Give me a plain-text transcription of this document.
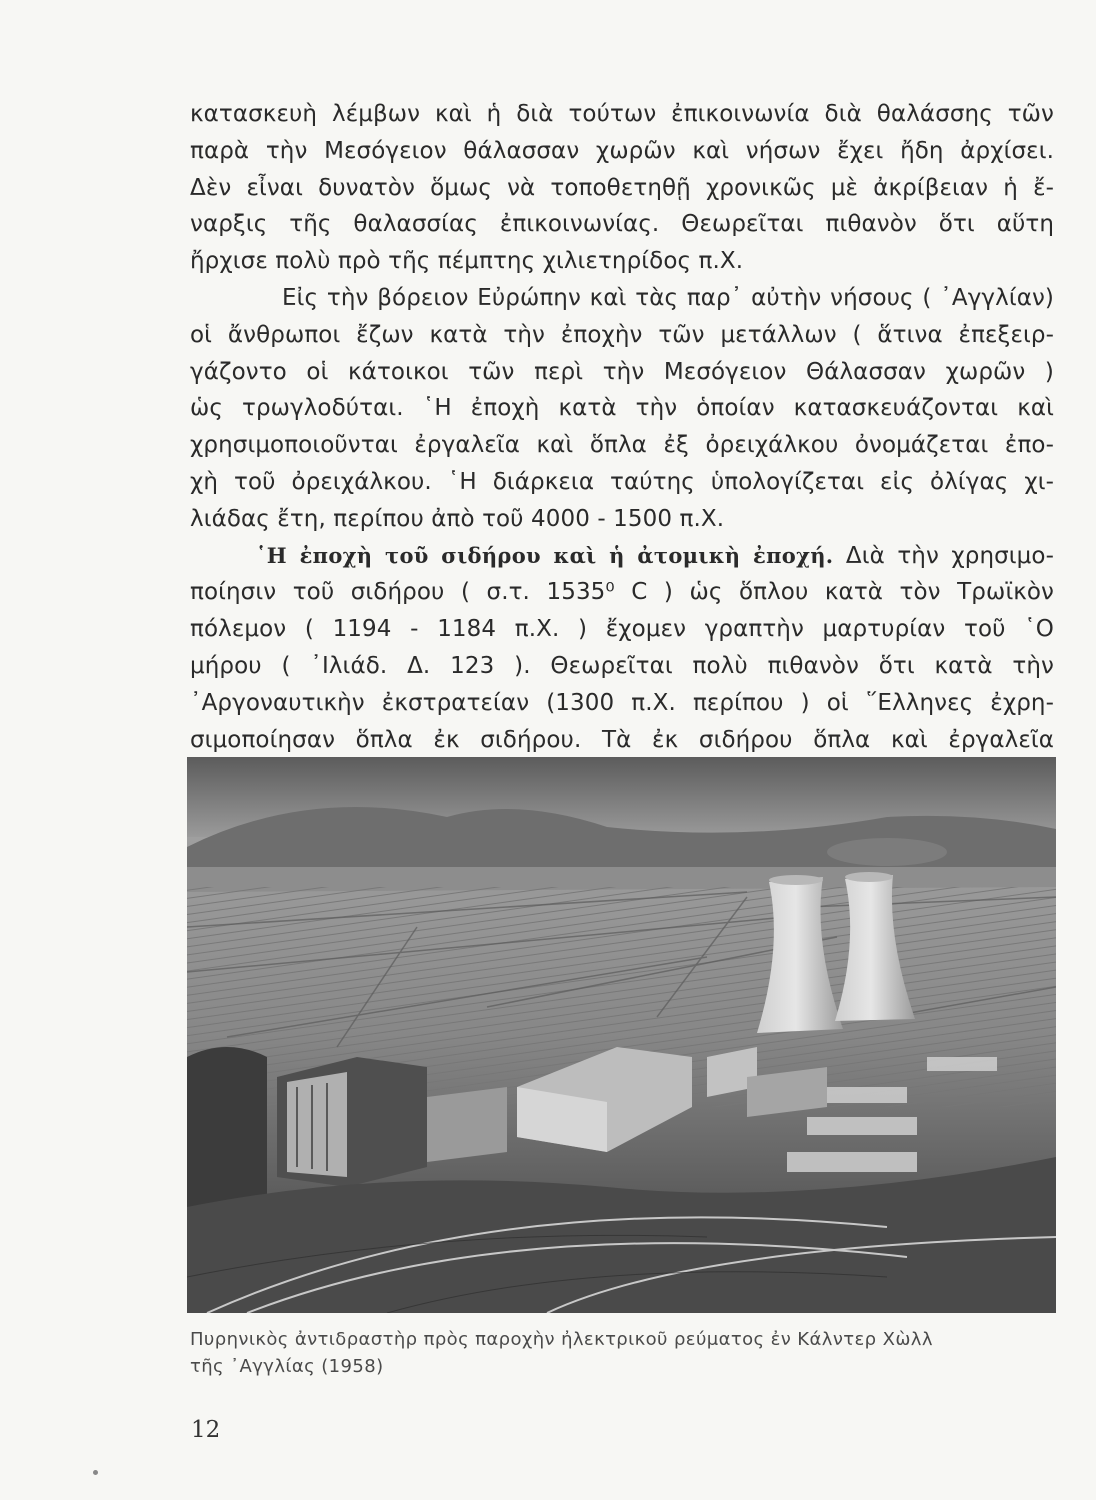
κατασκευὴ λέμβων καὶ ἡ διὰ τούτων ἐπικοινωνία διὰ θαλάσσης τῶν
παρὰ τὴν Μεσόγειον θάλασσαν χωρῶν καὶ νήσων ἔχει ἤδη ἀρχίσει.
Δὲν εἶναι δυνατὸν ὅμως νὰ τοποθετηθῇ χρονικῶς μὲ ἀκρίβειαν ἡ ἔ-
ναρξις τῆς θαλασσίας ἐπικοινωνίας. Θεωρεῖται πιθανὸν ὅτι αὕτη
ἤρχισε πολὺ πρὸ τῆς πέμπτης χιλιετηρίδος π.Χ.
Εἰς τὴν βόρειον Εὐρώπην καὶ τὰς παρ᾽ αὐτὴν νήσους ( ᾽Αγγλίαν)
οἱ ἄνθρωποι ἔζων κατὰ τὴν ἐποχὴν τῶν μετάλλων ( ἅτινα ἐπεξειρ-
γάζοντο οἱ κάτοικοι τῶν περὶ τὴν Μεσόγειον Θάλασσαν χωρῶν )
ὡς τρωγλοδύται. ῾Η ἐποχὴ κατὰ τὴν ὁποίαν κατασκευάζονται καὶ
χρησιμοποιοῦνται ἐργαλεῖα καὶ ὅπλα ἐξ ὀρειχάλκου ὀνομάζεται ἐπο-
χὴ τοῦ ὀρειχάλκου. ῾Η διάρκεια ταύτης ὑπολογίζεται εἰς ὀλίγας χι-
λιάδας ἔτη, περίπου ἀπὸ τοῦ 4000 - 1500 π.Χ.
῾Η ἐποχὴ τοῦ σιδήρου καὶ ἡ ἀτομικὴ ἐποχή. Διὰ τὴν χρησιμο-
ποίησιν τοῦ σιδήρου ( σ.τ. 1535⁰ C ) ὡς ὅπλου κατὰ τὸν Τρωϊκὸν
πόλεμον ( 1194 - 1184 π.Χ. ) ἔχομεν γραπτὴν μαρτυρίαν τοῦ ῾Ο
μήρου ( ᾽Ιλιάδ. Δ. 123 ). Θεωρεῖται πολὺ πιθανὸν ὅτι κατὰ τὴν
᾽Αργοναυτικὴν ἐκστρατείαν (1300 π.Χ. περίπου ) οἱ ῞Ελληνες ἐχρη-
σιμοποίησαν ὅπλα ἐκ σιδήρου. Τὰ ἐκ σιδήρου ὅπλα καὶ ἐργαλεῖα
Πυρηνικὸς ἀντιδραστὴρ πρὸς παροχὴν ἠλεκτρικοῦ ρεύματος ἐν Κάλντερ Χὼλλ
τῆς ᾽Αγγλίας (1958)
12
